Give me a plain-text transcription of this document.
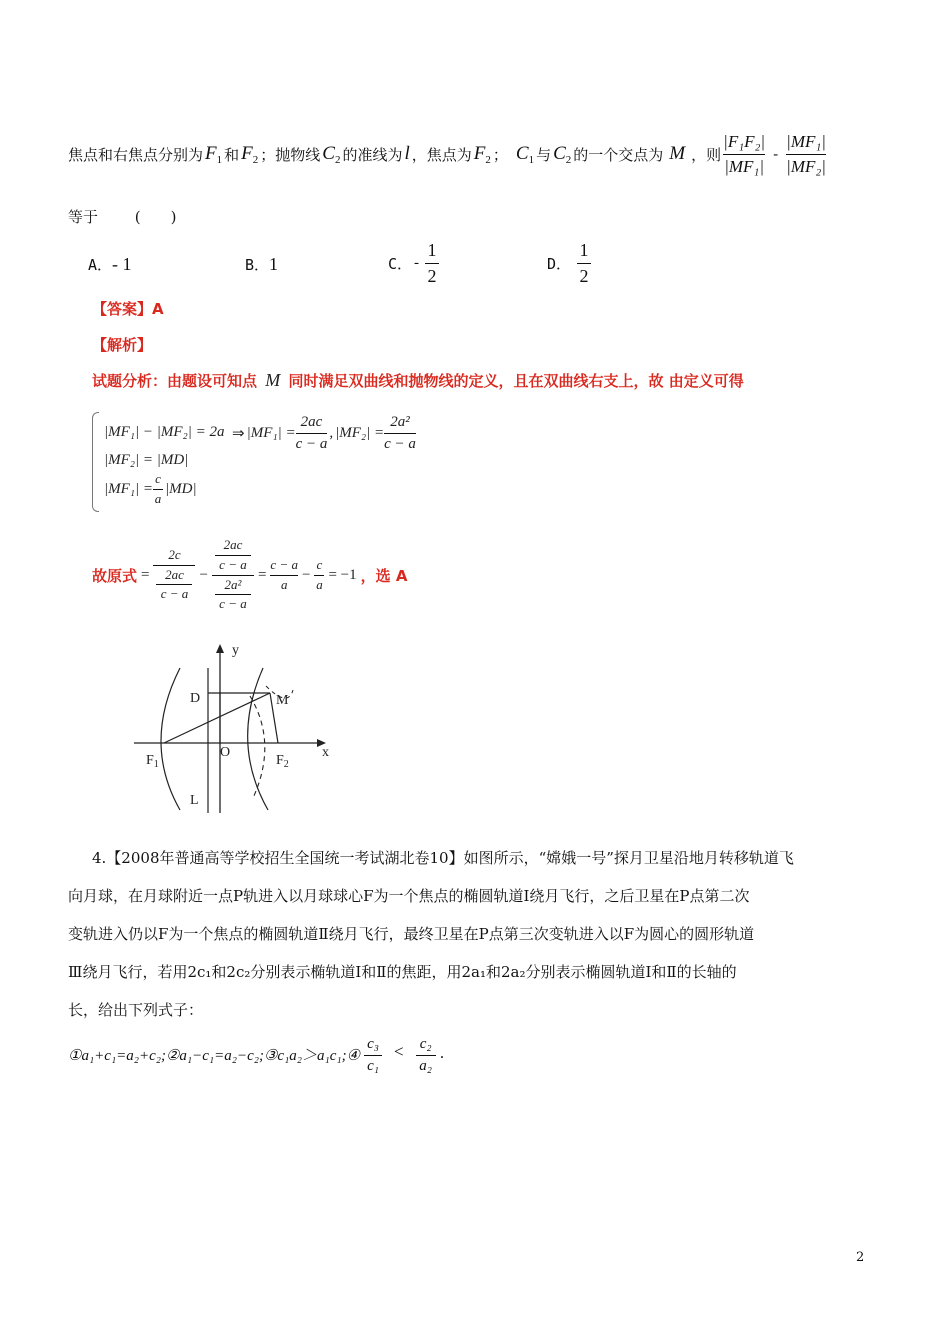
焦点和右焦点分别为 $F_1$ 和 $F_2$ ；抛物线 $C_2$ 的准线为 l ，焦点为 $F_2$ ； $C_1$ 与 $C_2$ 的一个交点为 M ，则 $\frac{\text{|F₁F₂|}}{\text{|MF₁|}} - \frac{\text{|MF₁|}}{\text{|MF₂|}}$
等于 (　　)
A．- 1	B．1	C． - $\frac{1}{2}$	D． $\frac{1}{2}$
【答案】A
【解析】
试题分析：由题设可知点 M 同时满足双曲线和抛物线的定义，且在双曲线右支上，故 由定义可得
|MF₁| − |MF₂| = 2a
|MF₂| = |MD|
$|MF_1| = \frac{c}{a} |MD|$
⇒ $|MF_1| = \frac{2ac}{c - a}$ , $|MF_2| = \frac{\text{2a²}}{c - a}$
故原式 = $\frac{2c}{\frac{2ac}{c - a}} - \frac{\frac{2ac}{c - a}}{\frac{\text{2a²}}{c - a}} = \frac{c - a}{a} - \frac{c}{a} = -1$ ，选 A
y
x
D	M
O
$F_1$	$F_2$
L
4.【2008年普通高等学校招生全国统一考试湖北卷10】如图所示，“嫦娥一号”探月卫星沿地月转移轨道飞
向月球，在月球附近一点P轨进入以月球球心F为一个焦点的椭圆轨道Ⅰ绕月飞行，之后卫星在P点第二次
变轨进入仍以F为一个焦点的椭圆轨道Ⅱ绕月飞行，最终卫星在P点第三次变轨进入以F为圆心的圆形轨道
Ⅲ绕月飞行，若用2c₁和2c₂分别表示椭轨道Ⅰ和Ⅱ的焦距，用2a₁和2a₂分别表示椭圆轨道Ⅰ和Ⅱ的长轴的
长，给出下列式子：
①a₁+c₁=a₂+c₂;②a₁−c₁=a₂−c₂;③c₁a₂＞a₁c₁;④ $\frac{\text{c₃}}{\text{c₁}} < \frac{\text{c₂}}{\text{a₂}}$ .
2
